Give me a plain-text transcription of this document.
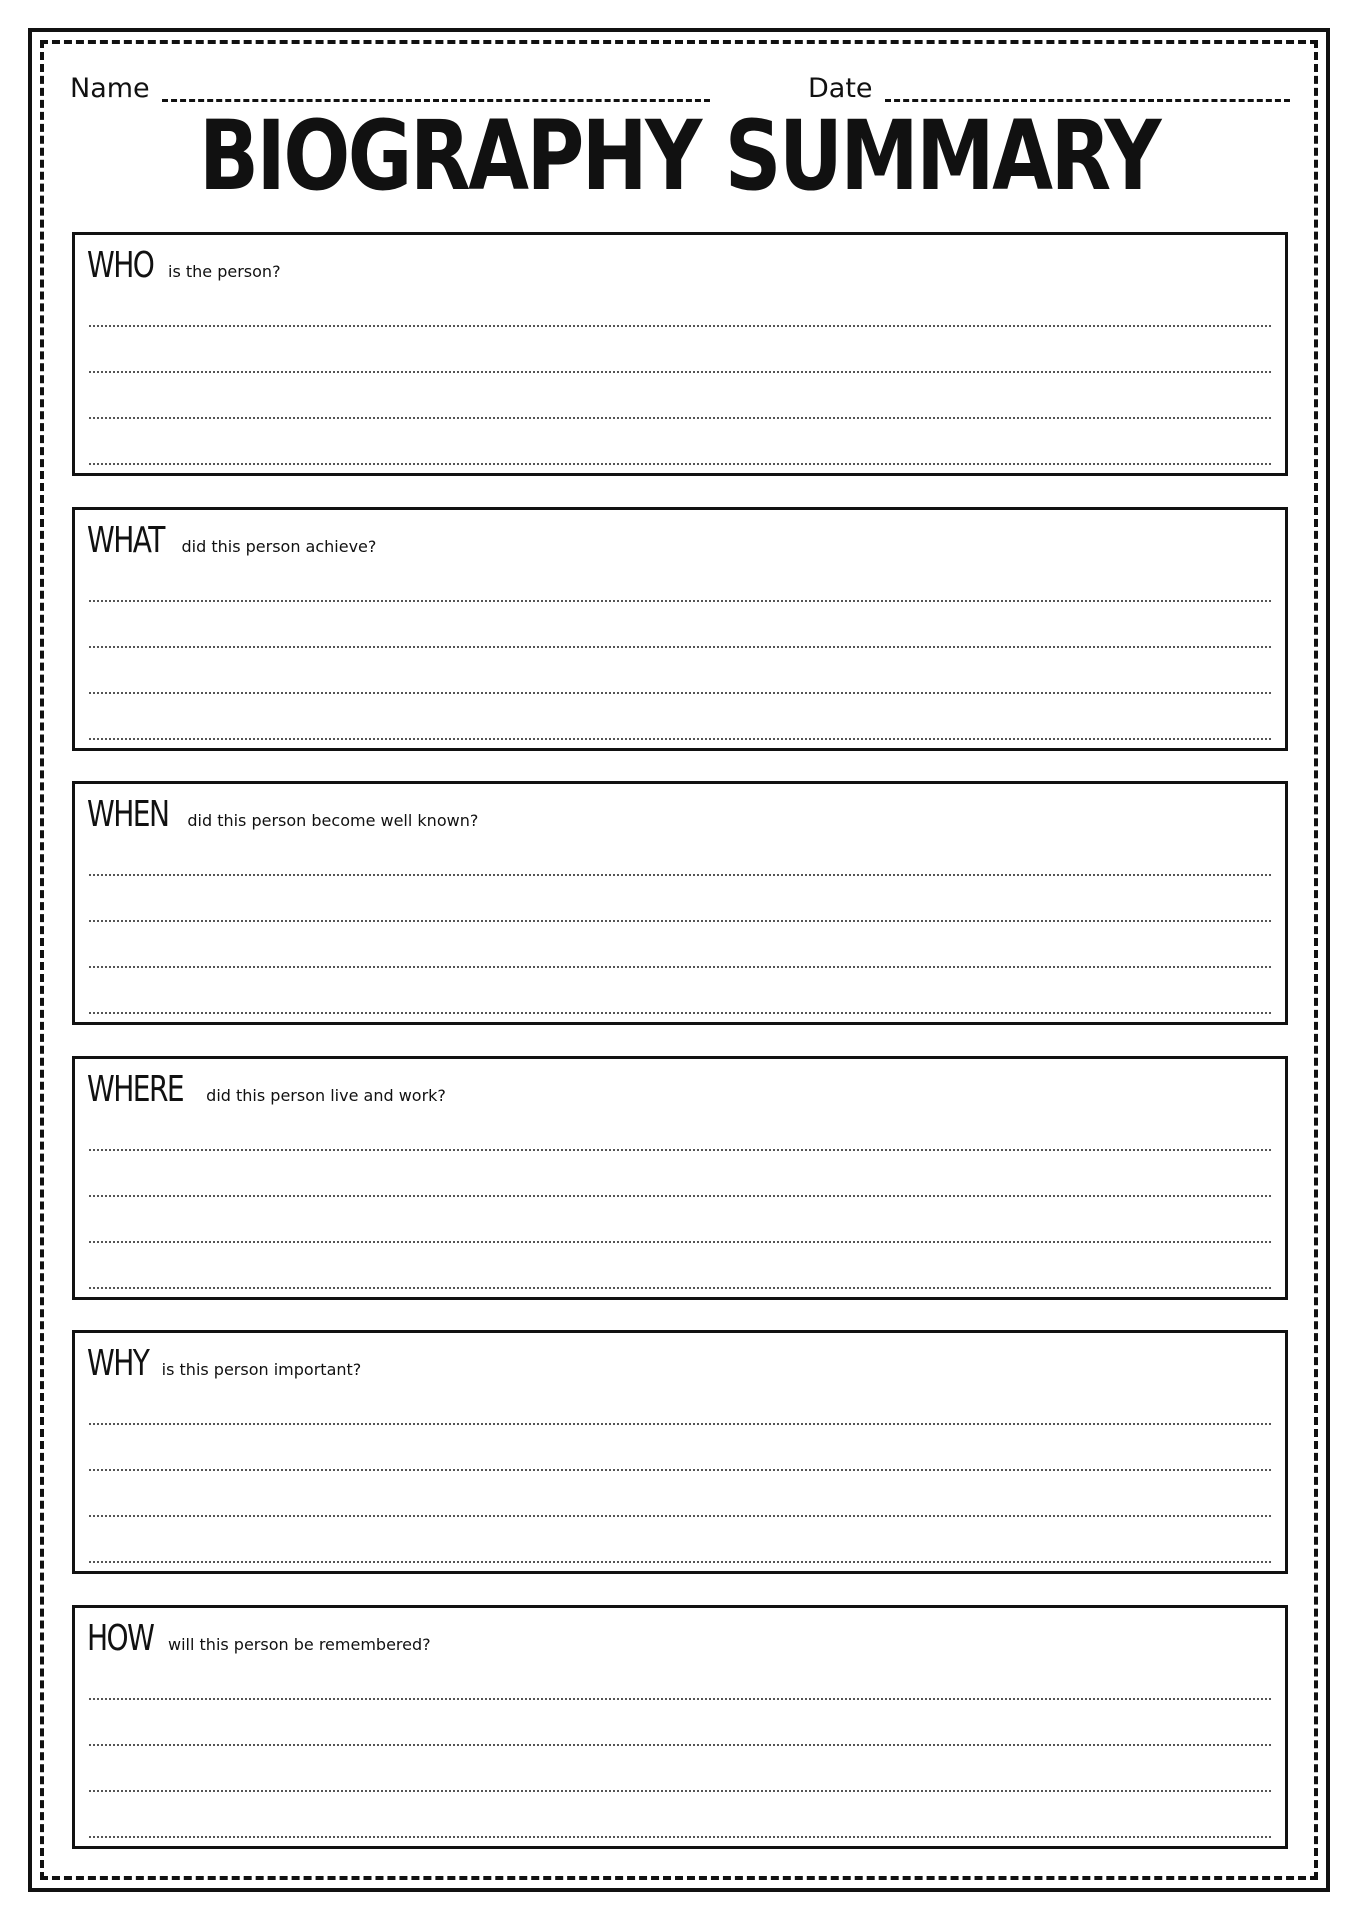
Name	Date
BIOGRAPHY SUMMARY
WHO is the person?
WHAT did this person achieve?
WHEN did this person become well known?
WHERE did this person live and work?
WHY is this person important?
HOW will this person be remembered?
